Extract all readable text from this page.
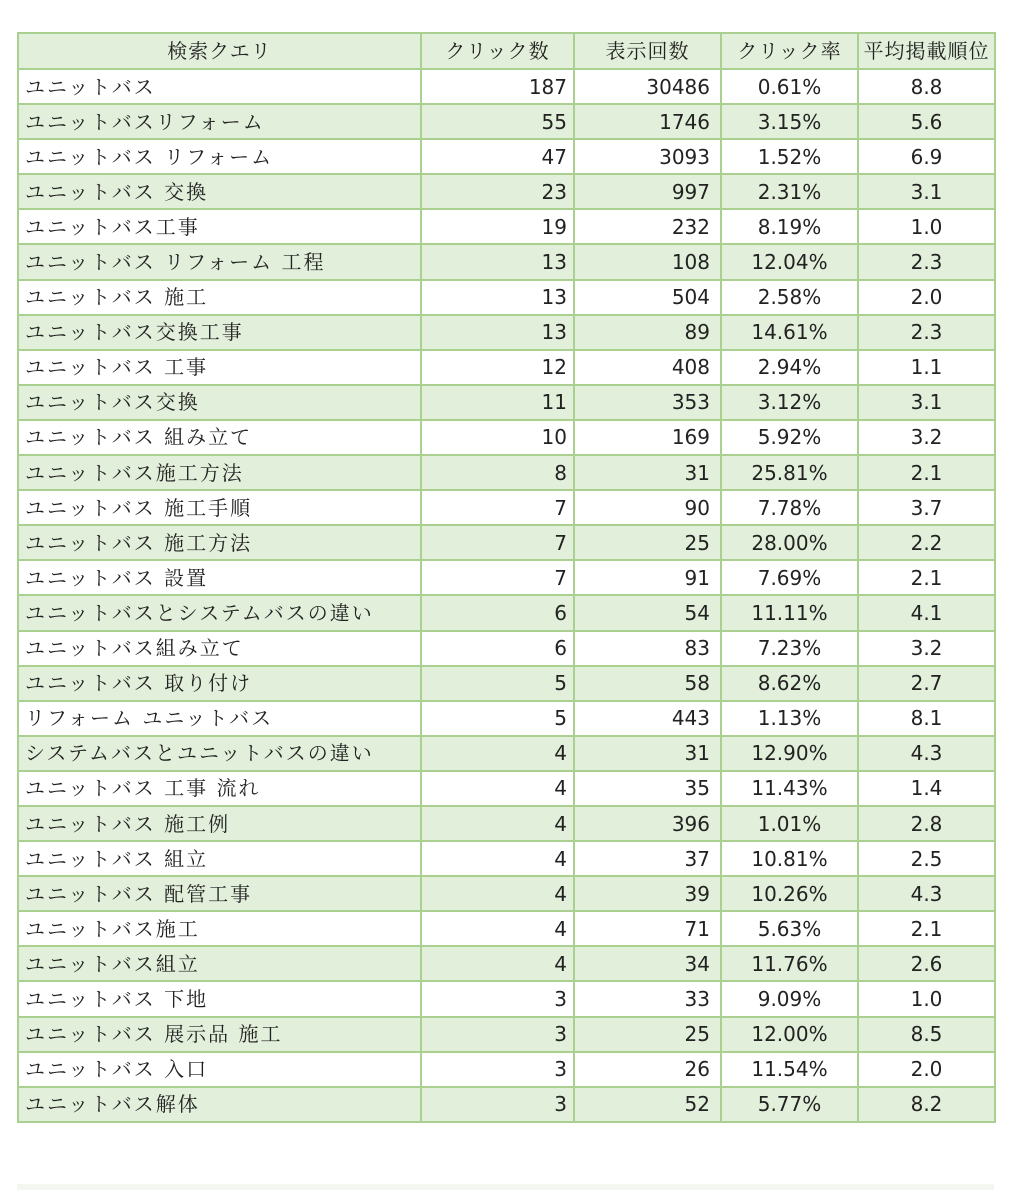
検索クエリ	クリック数	表示回数	クリック率	平均掲載順位
ユニットバス	187	30486	0.61%	8.8
ユニットバスリフォーム	55	1746	3.15%	5.6
ユニットバス リフォーム	47	3093	1.52%	6.9
ユニットバス 交換	23	997	2.31%	3.1
ユニットバス工事	19	232	8.19%	1.0
ユニットバス リフォーム 工程	13	108	12.04%	2.3
ユニットバス 施工	13	504	2.58%	2.0
ユニットバス交換工事	13	89	14.61%	2.3
ユニットバス 工事	12	408	2.94%	1.1
ユニットバス交換	11	353	3.12%	3.1
ユニットバス 組み立て	10	169	5.92%	3.2
ユニットバス施工方法	8	31	25.81%	2.1
ユニットバス 施工手順	7	90	7.78%	3.7
ユニットバス 施工方法	7	25	28.00%	2.2
ユニットバス 設置	7	91	7.69%	2.1
ユニットバスとシステムバスの違い	6	54	11.11%	4.1
ユニットバス組み立て	6	83	7.23%	3.2
ユニットバス 取り付け	5	58	8.62%	2.7
リフォーム ユニットバス	5	443	1.13%	8.1
システムバスとユニットバスの違い	4	31	12.90%	4.3
ユニットバス 工事 流れ	4	35	11.43%	1.4
ユニットバス 施工例	4	396	1.01%	2.8
ユニットバス 組立	4	37	10.81%	2.5
ユニットバス 配管工事	4	39	10.26%	4.3
ユニットバス施工	4	71	5.63%	2.1
ユニットバス組立	4	34	11.76%	2.6
ユニットバス 下地	3	33	9.09%	1.0
ユニットバス 展示品 施工	3	25	12.00%	8.5
ユニットバス 入口	3	26	11.54%	2.0
ユニットバス解体	3	52	5.77%	8.2
